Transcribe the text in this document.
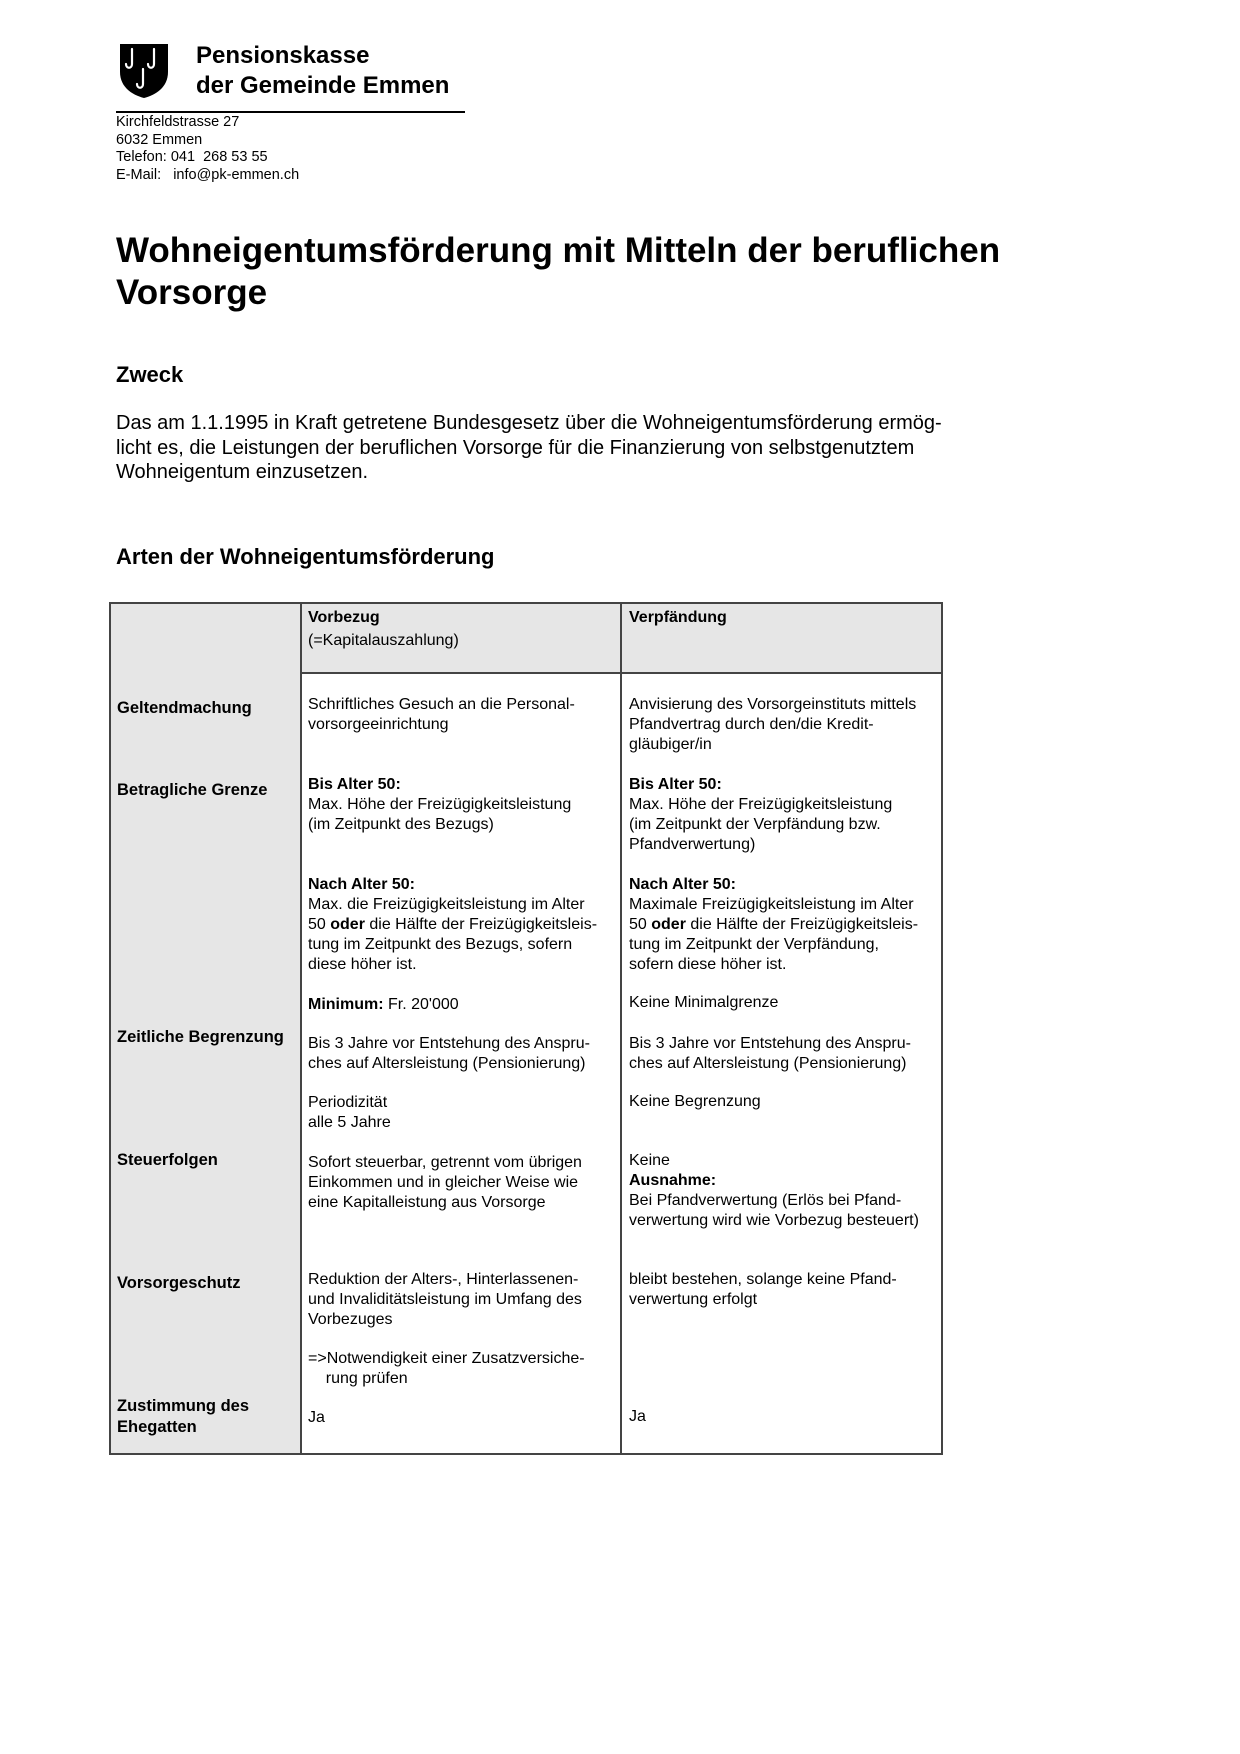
Pensionskasse
der Gemeinde Emmen
Kirchfeldstrasse 27
6032 Emmen
Telefon: 041  268 53 55
E-Mail:   info@pk-emmen.ch
Wohneigentumsförderung mit Mitteln der beruflichen
Vorsorge
Zweck
Das am 1.1.1995 in Kraft getretene Bundesgesetz über die Wohneigentumsförderung ermög-
licht es, die Leistungen der beruflichen Vorsorge für die Finanzierung von selbstgenutztem
Wohneigentum einzusetzen.
Arten der Wohneigentumsförderung
Vorbezug
(=Kapitalauszahlung)
Verpfändung
Geltendmachung
Betragliche Grenze
Zeitliche Begrenzung
Steuerfolgen
Vorsorgeschutz
Zustimmung des
Ehegatten
Schriftliches Gesuch an die Personal-
vorsorgeeinrichtung
Bis Alter 50:
Max. Höhe der Freizügigkeitsleistung
(im Zeitpunkt des Bezugs)
Nach Alter 50:
Max. die Freizügigkeitsleistung im Alter
50 oder die Hälfte der Freizügigkeitsleis-
tung im Zeitpunkt des Bezugs, sofern
diese höher ist.
Minimum: Fr. 20'000
Bis 3 Jahre vor Entstehung des Anspru-
ches auf Altersleistung (Pensionierung)
Periodizität
alle 5 Jahre
Sofort steuerbar, getrennt vom übrigen
Einkommen und in gleicher Weise wie
eine Kapitalleistung aus Vorsorge
Reduktion der Alters-, Hinterlassenen-
und Invaliditätsleistung im Umfang des
Vorbezuges
=>Notwendigkeit einer Zusatzversiche-
rung prüfen
Ja
Anvisierung des Vorsorgeinstituts mittels
Pfandvertrag durch den/die Kredit-
gläubiger/in
Bis Alter 50:
Max. Höhe der Freizügigkeitsleistung
(im Zeitpunkt der Verpfändung bzw.
Pfandverwertung)
Nach Alter 50:
Maximale Freizügigkeitsleistung im Alter
50 oder die Hälfte der Freizügigkeitsleis-
tung im Zeitpunkt der Verpfändung,
sofern diese höher ist.
Keine Minimalgrenze
Bis 3 Jahre vor Entstehung des Anspru-
ches auf Altersleistung (Pensionierung)
Keine Begrenzung
Keine
Ausnahme:
Bei Pfandverwertung (Erlös bei Pfand-
verwertung wird wie Vorbezug besteuert)
bleibt bestehen, solange keine Pfand-
verwertung erfolgt
Ja
